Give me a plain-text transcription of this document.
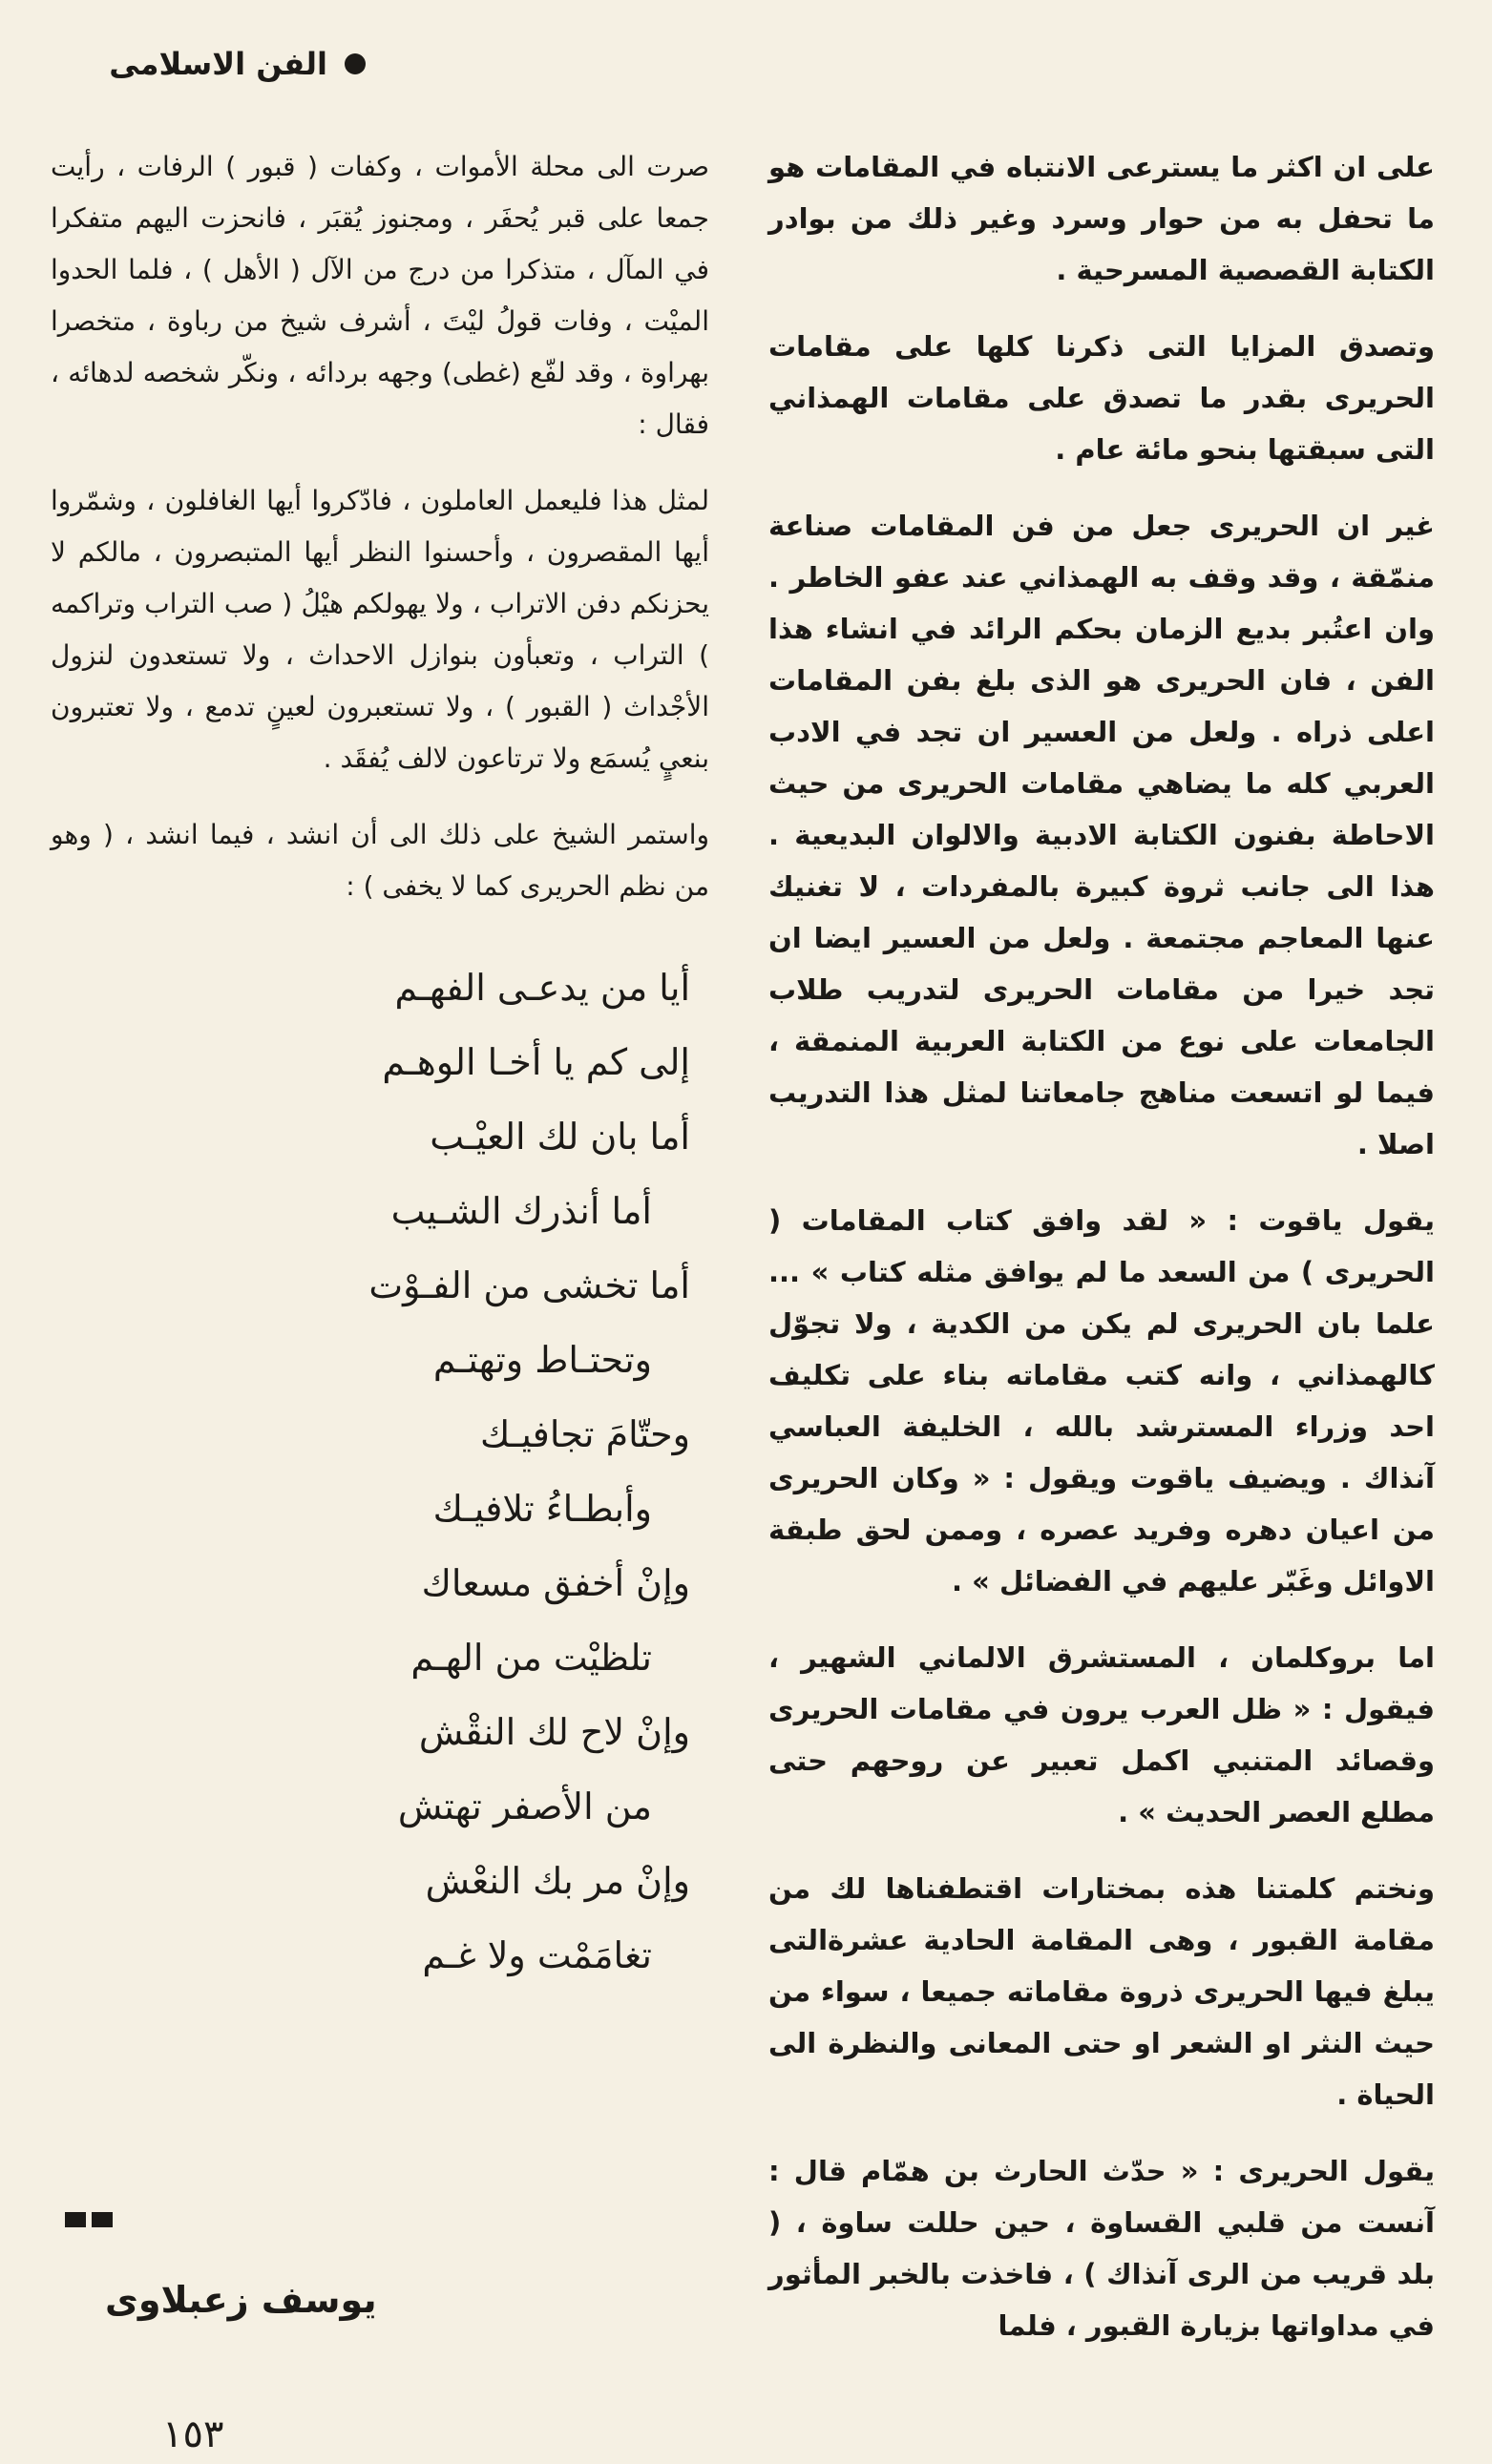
الفن الاسلامى

على ان اكثر ما يسترعى الانتباه في المقامات هو ما تحفل به من حوار وسرد وغير ذلك من بوادر الكتابة القصصية المسرحية .

وتصدق المزايا التى ذكرنا كلها على مقامات الحريرى بقدر ما تصدق على مقامات الهمذاني التى سبقتها بنحو مائة عام .

غير ان الحريرى جعل من فن المقامات صناعة منمّقة ، وقد وقف به الهمذاني عند عفو الخاطر . وان اعتُبر بديع الزمان بحكم الرائد في انشاء هذا الفن ، فان الحريرى هو الذى بلغ بفن المقامات اعلى ذراه . ولعل من العسير ان تجد في الادب العربي كله ما يضاهي مقامات الحريرى من حيث الاحاطة بفنون الكتابة الادبية والالوان البديعية . هذا الى جانب ثروة كبيرة بالمفردات ، لا تغنيك عنها المعاجم مجتمعة . ولعل من العسير ايضا ان تجد خيرا من مقامات الحريرى لتدريب طلاب الجامعات على نوع من الكتابة العربية المنمقة ، فيما لو اتسعت مناهج جامعاتنا لمثل هذا التدريب اصلا .

يقول ياقوت : « لقد وافق كتاب المقامات ( الحريرى ) من السعد ما لم يوافق مثله كتاب » ... علما بان الحريرى لم يكن من الكدية ، ولا تجوّل كالهمذاني ، وانه كتب مقاماته بناء على تكليف احد وزراء المسترشد بالله ، الخليفة العباسي آنذاك . ويضيف ياقوت ويقول : « وكان الحريرى من اعيان دهره وفريد عصره ، وممن لحق طبقة الاوائل وغَبّر عليهم في الفضائل » .

اما بروكلمان ، المستشرق الالماني الشهير ، فيقول : « ظل العرب يرون في مقامات الحريرى وقصائد المتنبي اكمل تعبير عن روحهم حتى مطلع العصر الحديث » .

ونختم كلمتنا هذه بمختارات اقتطفناها لك من مقامة القبور ، وهى المقامة الحادية عشرةالتى يبلغ فيها الحريرى ذروة مقاماته جميعا ، سواء من حيث النثر او الشعر او حتى المعانى والنظرة الى الحياة .

يقول الحريرى : « حدّث الحارث بن همّام قال : آنست من قلبي القساوة ، حين حللت ساوة ، ( بلد قريب من الرى آنذاك ) ، فاخذت بالخبر المأثور في مداواتها بزيارة القبور ، فلما

صرت الى محلة الأموات ، وكفات ( قبور ) الرفات ، رأيت جمعا على قبر يُحفَر ، ومجنوز يُقبَر ، فانحزت اليهم متفكرا في المآل ، متذكرا من درج من الآل ( الأهل ) ، فلما الحدوا الميْت ، وفات قولُ ليْتَ ، أشرف شيخ من رباوة ، متخصرا بهراوة ، وقد لفّع (غطى) وجهه بردائه ، ونكّر شخصه لدهائه ، فقال :

لمثل هذا فليعمل العاملون ، فادّكروا أيها الغافلون ، وشمّروا أيها المقصرون ، وأحسنوا النظر أيها المتبصرون ، مالكم لا يحزنكم دفن الاتراب ، ولا يهولكم هيْلُ ( صب التراب وتراكمه ) التراب ، وتعبأون بنوازل الاحداث ، ولا تستعدون لنزول الأجْداث ( القبور ) ، ولا تستعبرون لعينٍ تدمع ، ولا تعتبرون بنعيٍ يُسمَع ولا ترتاعون لالف يُفقَد .

واستمر الشيخ على ذلك الى أن انشد ، فيما انشد ، ( وهو من نظم الحريرى كما لا يخفى ) :

أيا من يدعـى الفهـم
إلى كم يا أخـا الوهـم
أما بان لك العيْـب
أما أنذرك الشـيب
أما تخشى من الفـوْت
وتحتـاط وتهتـم
وحتّامَ تجافيـك
وأبطـاءُ تلافيـك
وإنْ أخفق مسعاك
تلظيْت من الهـم
وإنْ لاح لك النقْش
من الأصفر تهتش
وإنْ مر بك النعْش
تغامَمْت ولا غـم
يوسف زعبلاوى
١٥٣
